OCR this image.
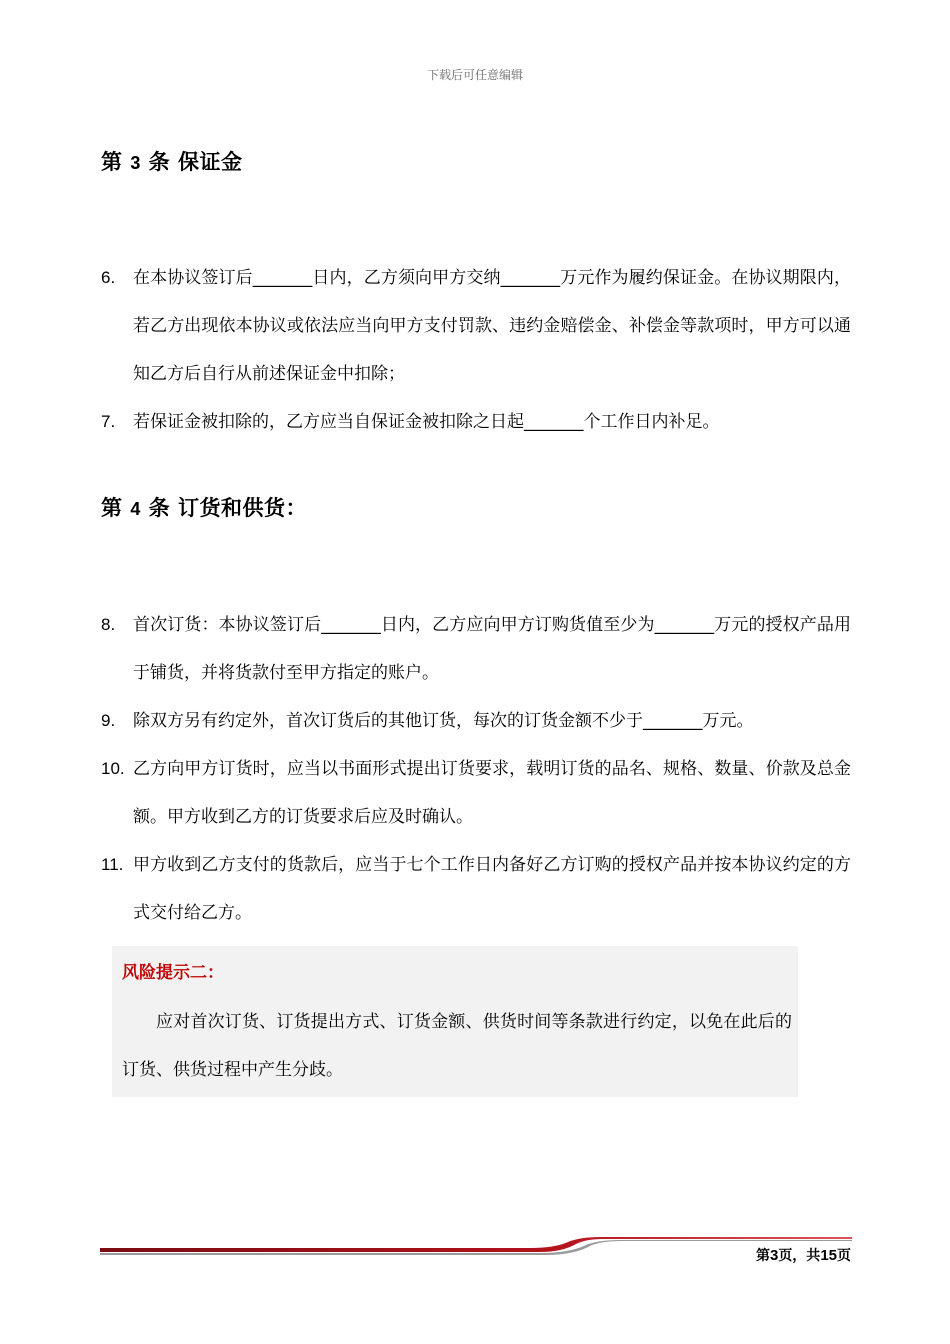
下载后可任意编辑
第 3 条 保证金
6.	在本协议签订后_______日内，乙方须向甲方交纳_______万元作为履约保证金。在协议期限内，若乙方出现依本协议或依法应当向甲方支付罚款、违约金赔偿金、补偿金等款项时，甲方可以通知乙方后自行从前述保证金中扣除；
7.	若保证金被扣除的，乙方应当自保证金被扣除之日起_______个工作日内补足。
第 4 条 订货和供货：
8.	首次订货：本协议签订后_______日内，乙方应向甲方订购货值至少为_______万元的授权产品用于铺货，并将货款付至甲方指定的账户。
9.	除双方另有约定外，首次订货后的其他订货，每次的订货金额不少于_______万元。
10. 乙方向甲方订货时，应当以书面形式提出订货要求，载明订货的品名、规格、数量、价款及总金额。甲方收到乙方的订货要求后应及时确认。
11. 甲方收到乙方支付的货款后，应当于七个工作日内备好乙方订购的授权产品并按本协议约定的方式交付给乙方。
风险提示二：
应对首次订货、订货提出方式、订货金额、供货时间等条款进行约定，以免在此后的订货、供货过程中产生分歧。
第3页，共15页
